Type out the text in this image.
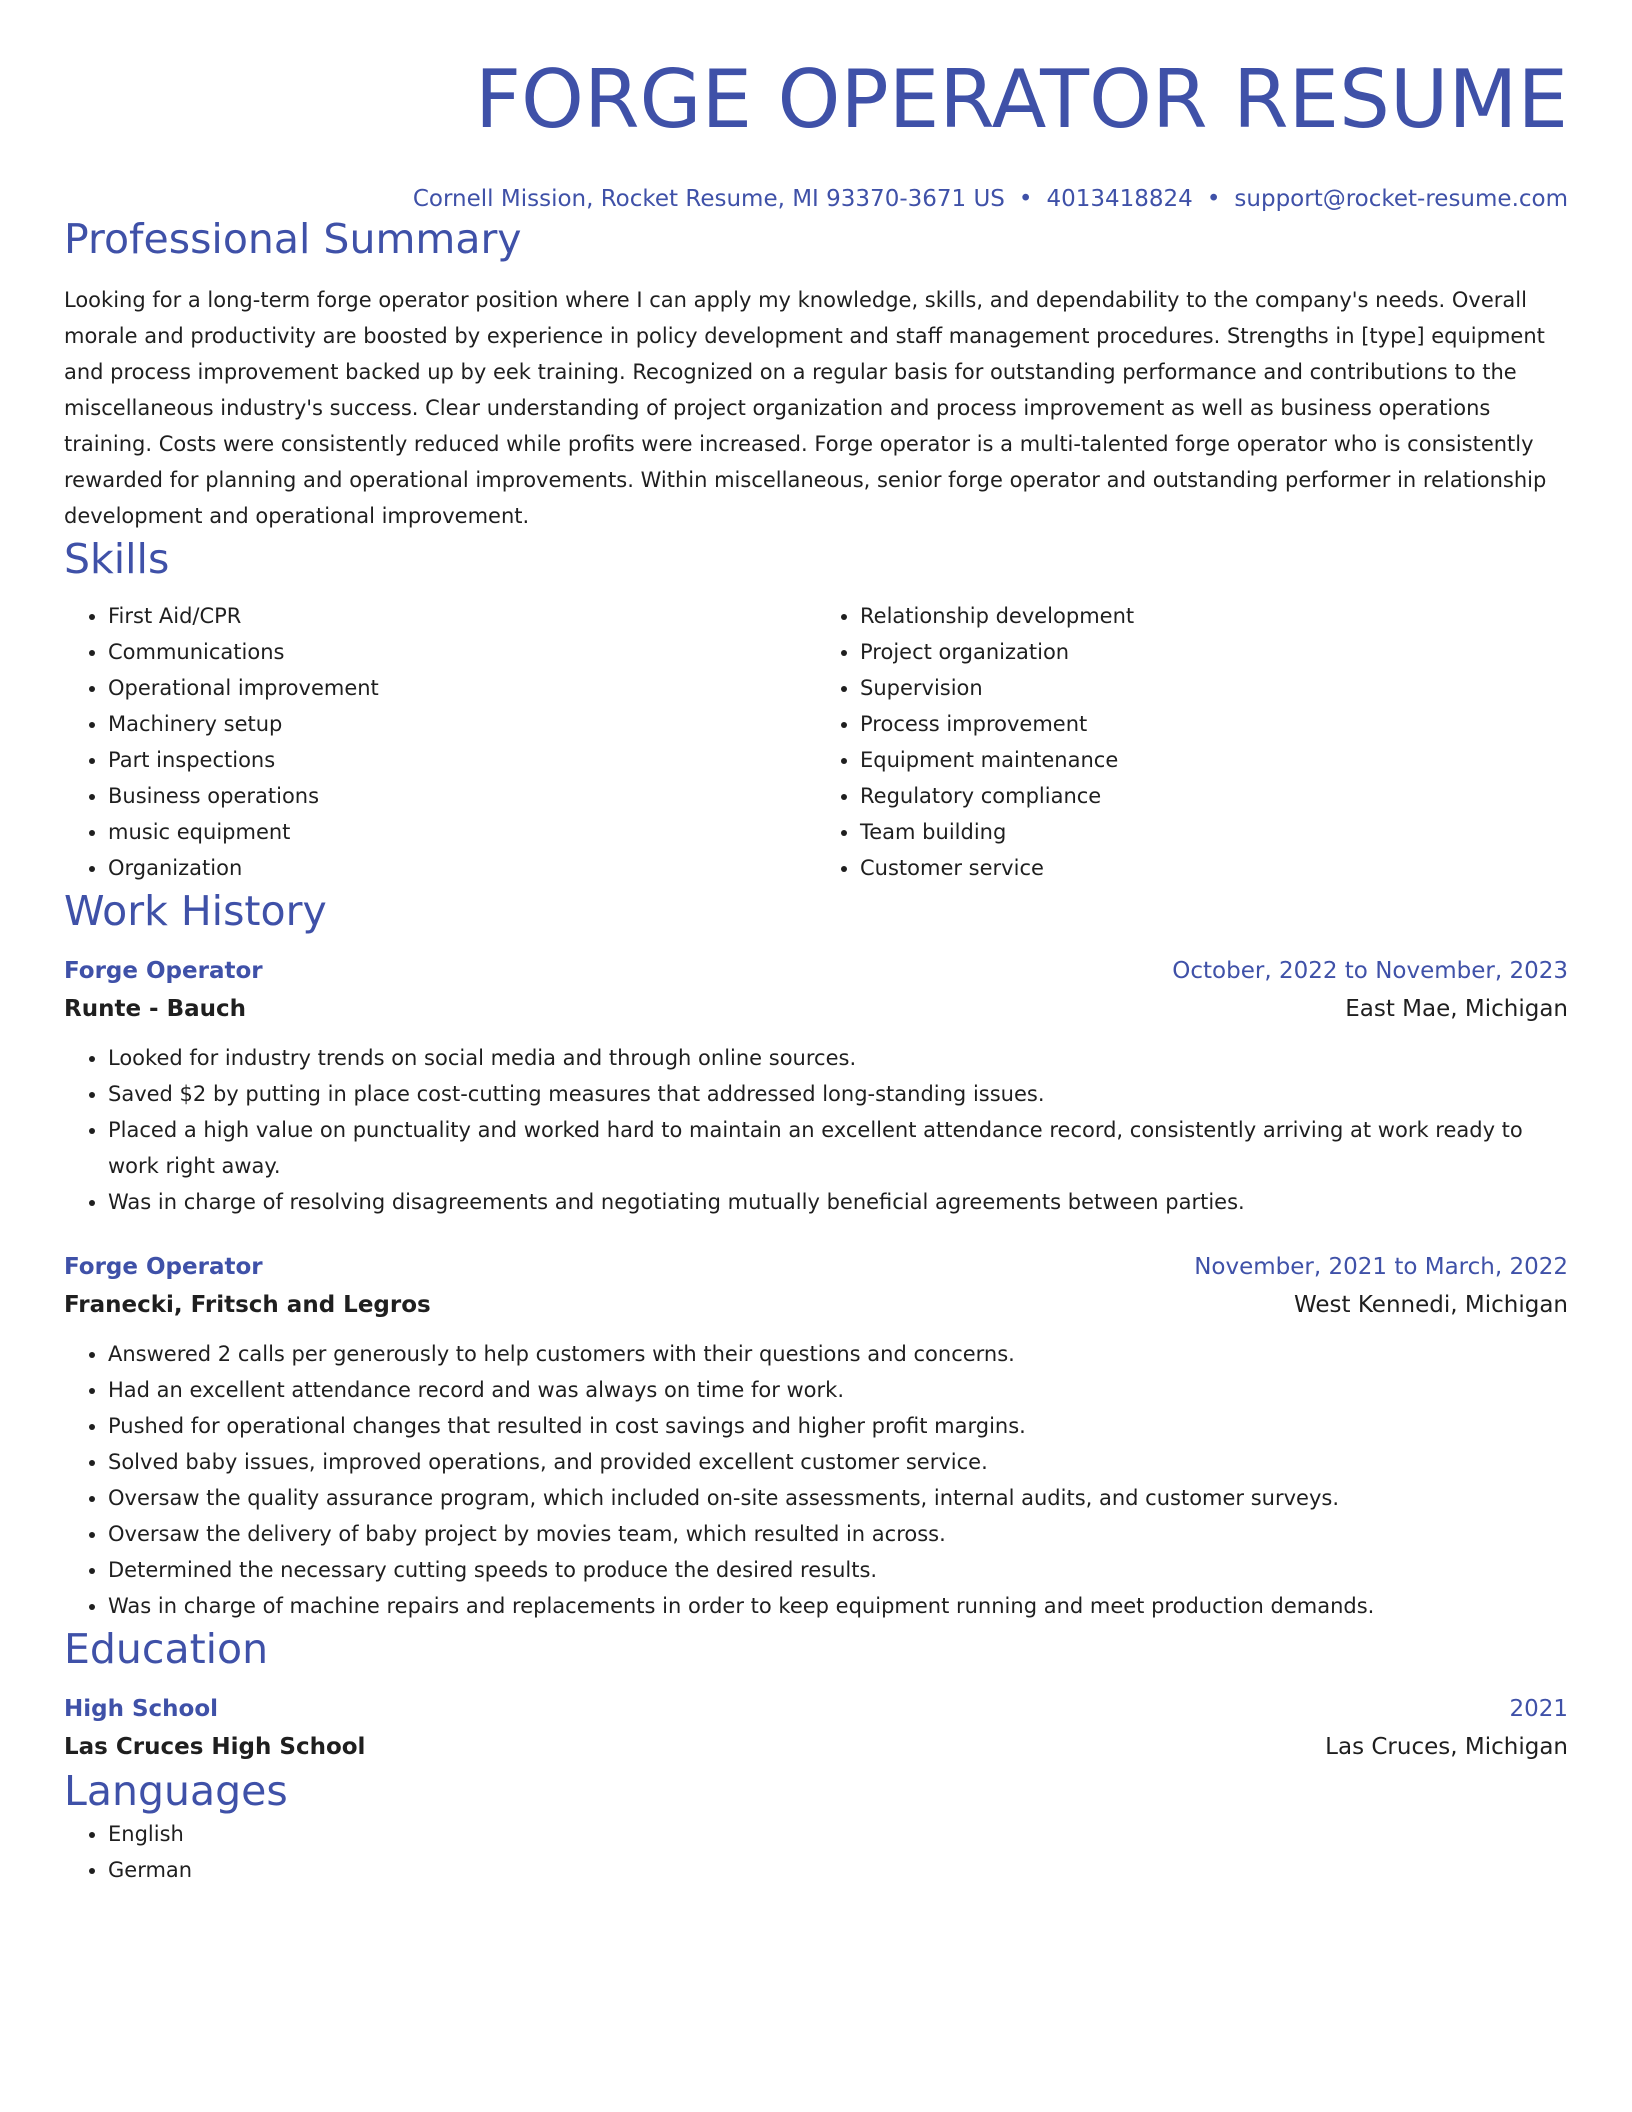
FORGE OPERATOR RESUME
Cornell Mission, Rocket Resume, MI 93370-3671 US • 4013418824 • support@rocket-resume.com
Professional Summary
Looking for a long-term forge operator position where I can apply my knowledge, skills, and dependability to the company's needs. Overall morale and productivity are boosted by experience in policy development and staff management procedures. Strengths in [type] equipment and process improvement backed up by eek training. Recognized on a regular basis for outstanding performance and contributions to the miscellaneous industry's success. Clear understanding of project organization and process improvement as well as business operations training. Costs were consistently reduced while profits were increased. Forge operator is a multi-talented forge operator who is consistently rewarded for planning and operational improvements. Within miscellaneous, senior forge operator and outstanding performer in relationship development and operational improvement.
Skills
• First Aid/CPR
• Communications
• Operational improvement
• Machinery setup
• Part inspections
• Business operations
• music equipment
• Organization
• Relationship development
• Project organization
• Supervision
• Process improvement
• Equipment maintenance
• Regulatory compliance
• Team building
• Customer service
Work History
Forge Operator	October, 2022 to November, 2023
Runte - Bauch	East Mae, Michigan
• Looked for industry trends on social media and through online sources.
• Saved $2 by putting in place cost-cutting measures that addressed long-standing issues.
• Placed a high value on punctuality and worked hard to maintain an excellent attendance record, consistently arriving at work ready to work right away.
• Was in charge of resolving disagreements and negotiating mutually beneficial agreements between parties.
Forge Operator	November, 2021 to March, 2022
Franecki, Fritsch and Legros	West Kennedi, Michigan
• Answered 2 calls per generously to help customers with their questions and concerns.
• Had an excellent attendance record and was always on time for work.
• Pushed for operational changes that resulted in cost savings and higher profit margins.
• Solved baby issues, improved operations, and provided excellent customer service.
• Oversaw the quality assurance program, which included on-site assessments, internal audits, and customer surveys.
• Oversaw the delivery of baby project by movies team, which resulted in across.
• Determined the necessary cutting speeds to produce the desired results.
• Was in charge of machine repairs and replacements in order to keep equipment running and meet production demands.
Education
High School	2021
Las Cruces High School	Las Cruces, Michigan
Languages
• English
• German
